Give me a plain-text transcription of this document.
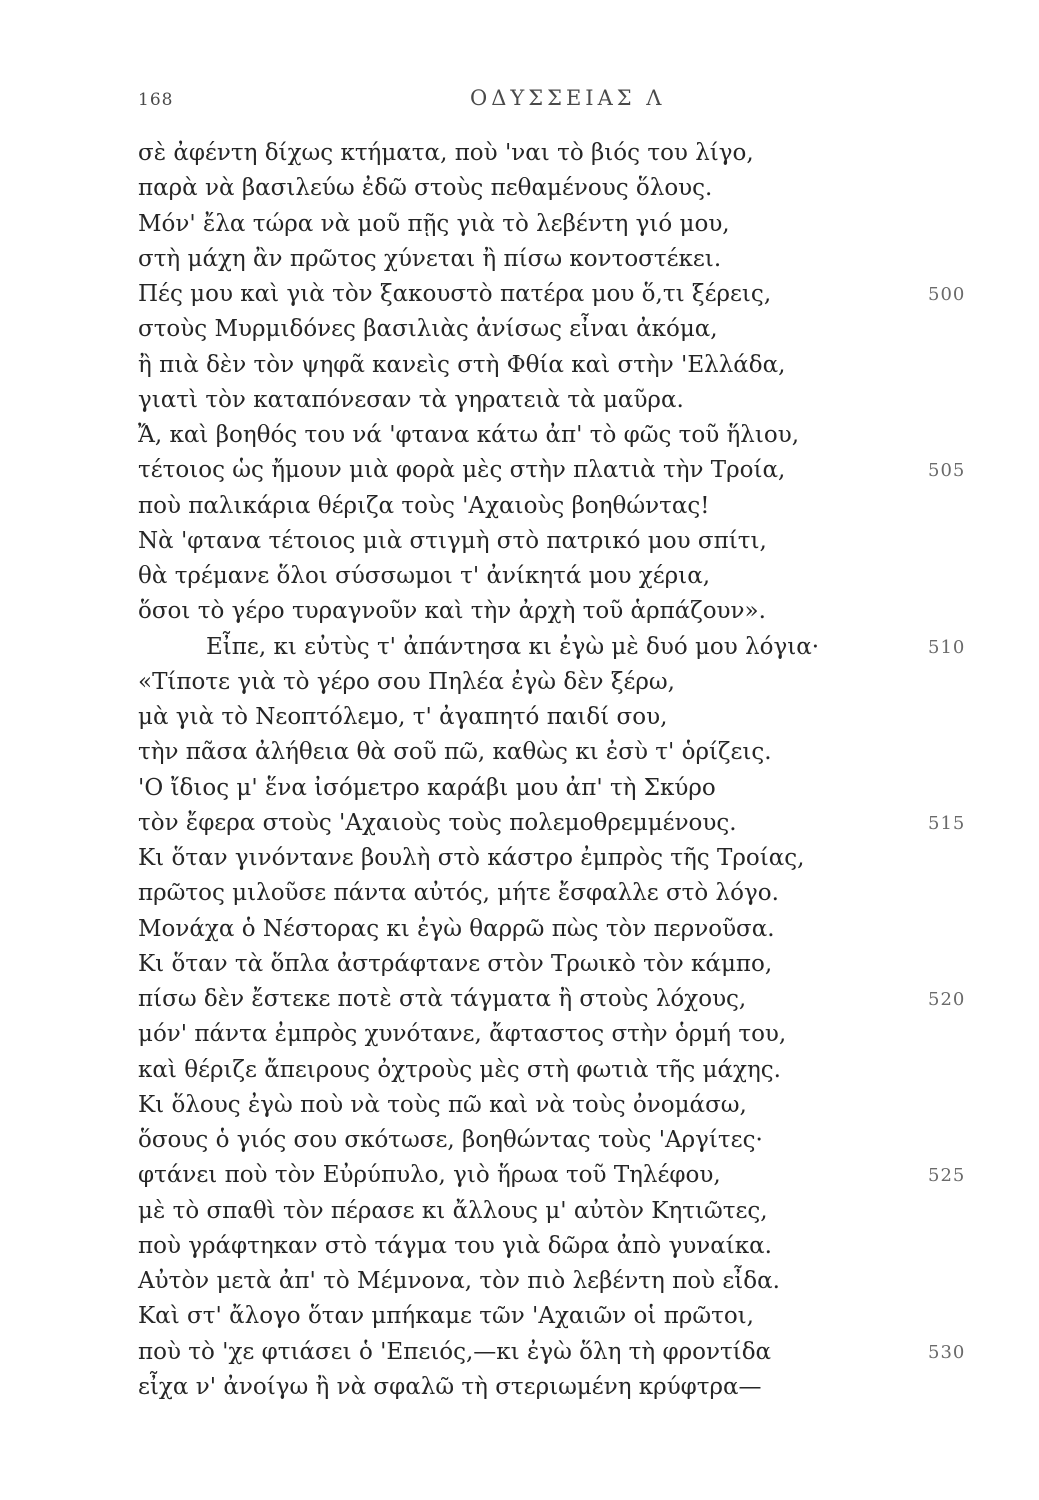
168	ΟΔΥΣΣΕΙΑΣ Λ
σὲ ἀφέντη δίχως κτήματα, ποὺ 'ναι τὸ βιός του λίγο,
παρὰ νὰ βασιλεύω ἐδῶ στοὺς πεθαμένους ὅλους.
Μόν' ἔλα τώρα νὰ μοῦ πῇς γιὰ τὸ λεβέντη γιό μου,
στὴ μάχη ἂν πρῶτος χύνεται ἢ πίσω κοντοστέκει.
Πές μου καὶ γιὰ τὸν ξακουστὸ πατέρα μου ὅ,τι ξέρεις,	500
στοὺς Μυρμιδόνες βασιλιὰς ἀνίσως εἶναι ἀκόμα,
ἢ πιὰ δὲν τὸν ψηφᾶ κανεὶς στὴ Φθία καὶ στὴν 'Ελλάδα,
γιατὶ τὸν καταπόνεσαν τὰ γηρατειὰ τὰ μαῦρα.
Ἄ, καὶ βοηθός του νά 'φτανα κάτω ἀπ' τὸ φῶς τοῦ ἥλιου,
τέτοιος ὡς ἤμουν μιὰ φορὰ μὲς στὴν πλατιὰ τὴν Τροία,	505
ποὺ παλικάρια θέριζα τοὺς 'Αχαιοὺς βοηθώντας!
Νὰ 'φτανα τέτοιος μιὰ στιγμὴ στὸ πατρικό μου σπίτι,
θὰ τρέμανε ὅλοι σύσσωμοι τ' ἀνίκητά μου χέρια,
ὅσοι τὸ γέρο τυραγνοῦν καὶ τὴν ἀρχὴ τοῦ ἁρπάζουν».
Εἶπε, κι εὐτὺς τ' ἀπάντησα κι ἐγὼ μὲ δυό μου λόγια·	510
«Τίποτε γιὰ τὸ γέρο σου Πηλέα ἐγὼ δὲν ξέρω,
μὰ γιὰ τὸ Νεοπτόλεμο, τ' ἀγαπητό παιδί σου,
τὴν πᾶσα ἀλήθεια θὰ σοῦ πῶ, καθὼς κι ἐσὺ τ' ὁρίζεις.
'Ο ἴδιος μ' ἕνα ἰσόμετρο καράβι μου ἀπ' τὴ Σκύρο
τὸν ἔφερα στοὺς 'Αχαιοὺς τοὺς πολεμοθρεμμένους.	515
Κι ὅταν γινόντανε βουλὴ στὸ κάστρο ἐμπρὸς τῆς Τροίας,
πρῶτος μιλοῦσε πάντα αὐτός, μήτε ἔσφαλλε στὸ λόγο.
Μονάχα ὁ Νέστορας κι ἐγὼ θαρρῶ πὼς τὸν περνοῦσα.
Κι ὅταν τὰ ὅπλα ἀστράφτανε στὸν Τρωικὸ τὸν κάμπο,
πίσω δὲν ἔστεκε ποτὲ στὰ τάγματα ἢ στοὺς λόχους,	520
μόν' πάντα ἐμπρὸς χυνότανε, ἄφταστος στὴν ὁρμή του,
καὶ θέριζε ἄπειρους ὀχτροὺς μὲς στὴ φωτιὰ τῆς μάχης.
Κι ὅλους ἐγὼ ποὺ νὰ τοὺς πῶ καὶ νὰ τοὺς ὀνομάσω,
ὅσους ὁ γιός σου σκότωσε, βοηθώντας τοὺς 'Αργίτες·
φτάνει ποὺ τὸν Εὐρύπυλο, γιὸ ἥρωα τοῦ Τηλέφου,	525
μὲ τὸ σπαθὶ τὸν πέρασε κι ἄλλους μ' αὐτὸν Κητιῶτες,
ποὺ γράφτηκαν στὸ τάγμα του γιὰ δῶρα ἀπὸ γυναίκα.
Αὐτὸν μετὰ ἀπ' τὸ Μέμνονα, τὸν πιὸ λεβέντη ποὺ εἶδα.
Καὶ στ' ἄλογο ὅταν μπήκαμε τῶν 'Αχαιῶν οἱ πρῶτοι,
ποὺ τὸ 'χε φτιάσει ὁ 'Επειός,—κι ἐγὼ ὅλη τὴ φροντίδα	530
εἶχα ν' ἀνοίγω ἢ νὰ σφαλῶ τὴ στεριωμένη κρύφτρα—
